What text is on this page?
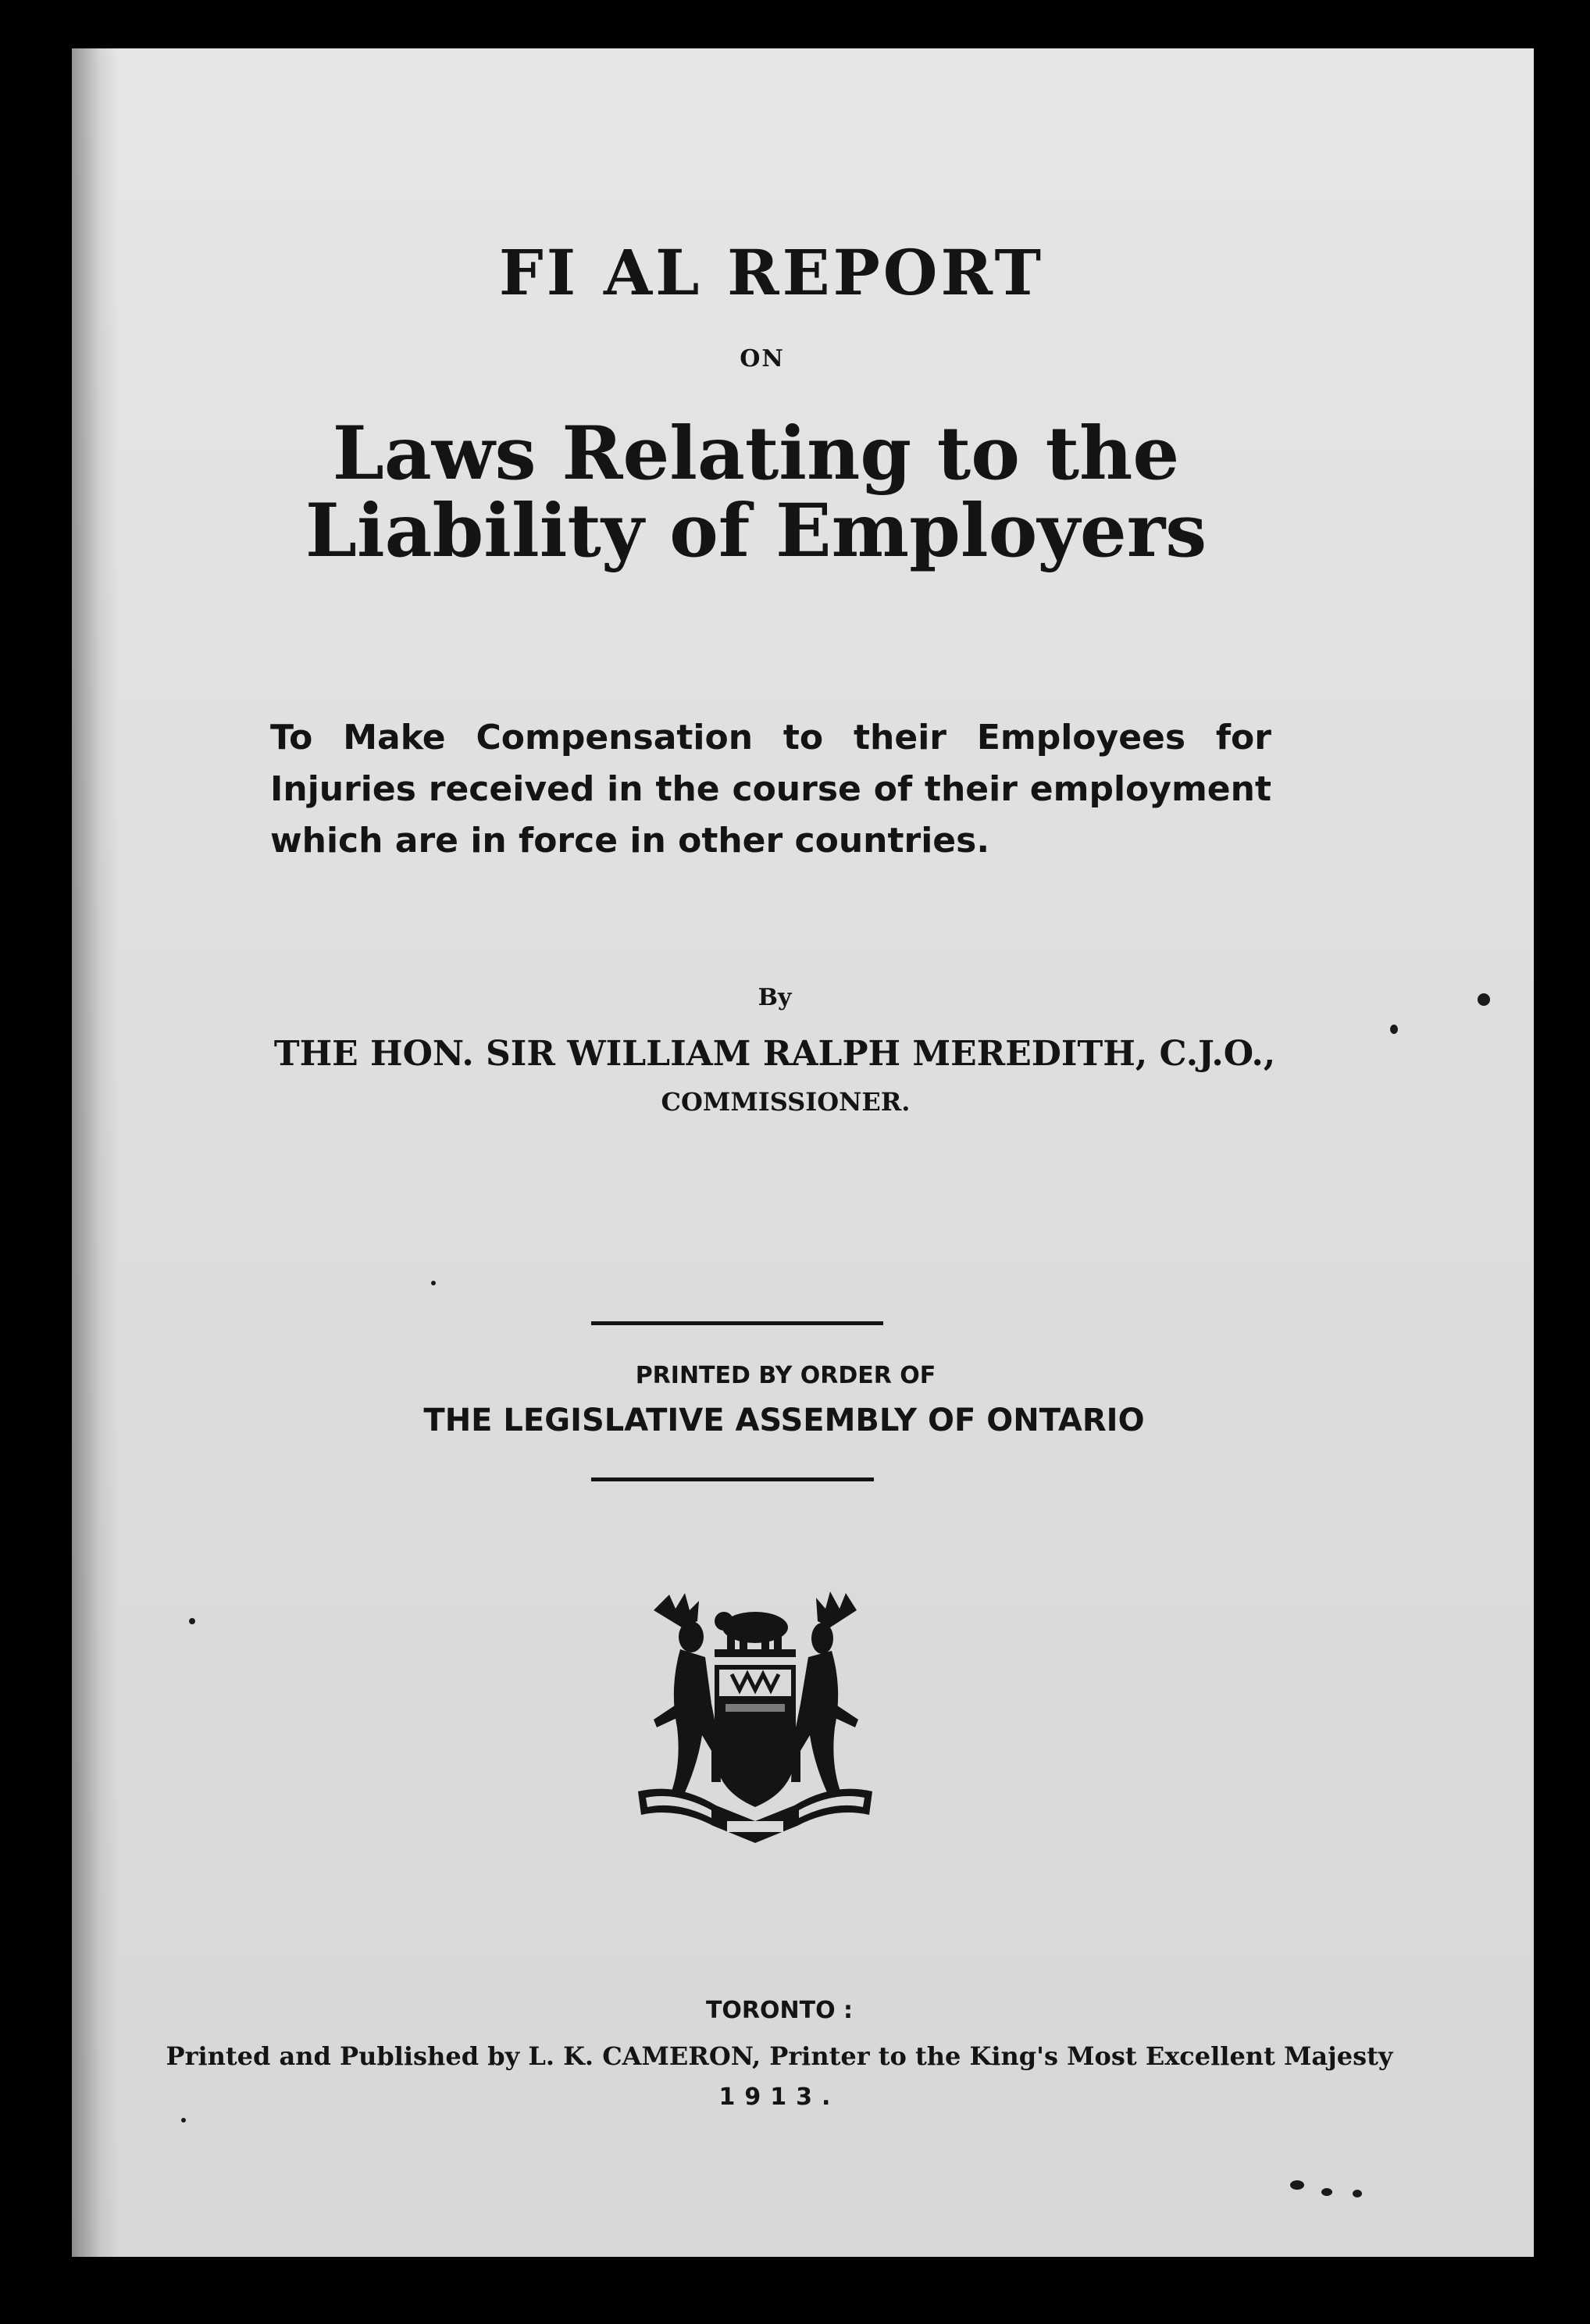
FI AL REPORT
ON
Laws Relating to the
Liability of Employers
To Make Compensation to their Employees for Injuries received in the course of their employment which are in force in other countries.
By
THE HON. SIR WILLIAM RALPH MEREDITH, C.J.O.,
COMMISSIONER.
PRINTED BY ORDER OF
THE LEGISLATIVE ASSEMBLY OF ONTARIO
TORONTO :
Printed and Published by L. K. CAMERON, Printer to the King's Most Excellent Majesty
1913.
